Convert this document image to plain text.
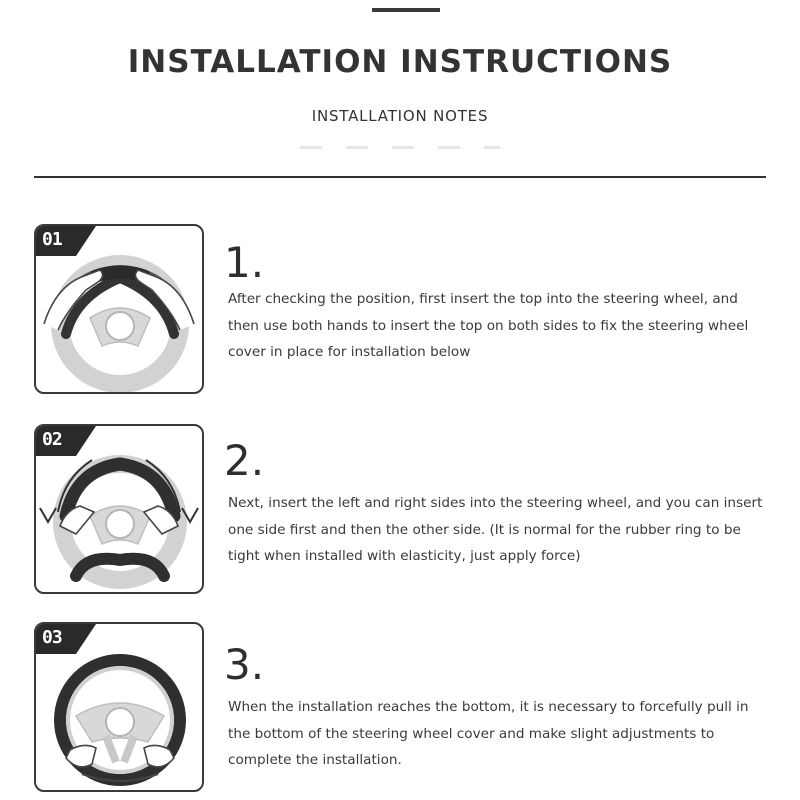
INSTALLATION INSTRUCTIONS
INSTALLATION NOTES
01	1.
After checking the position, first insert the top into the steering wheel, and then use both hands to insert the top on both sides to fix the steering wheel cover in place for installation below
02	2.
Next, insert the left and right sides into the steering wheel, and you can insert one side first and then the other side. (It is normal for the rubber ring to be tight when installed with elasticity, just apply force)
03
3.
When the installation reaches the bottom, it is necessary to forcefully pull in the bottom of the steering wheel cover and make slight adjustments to complete the installation.
